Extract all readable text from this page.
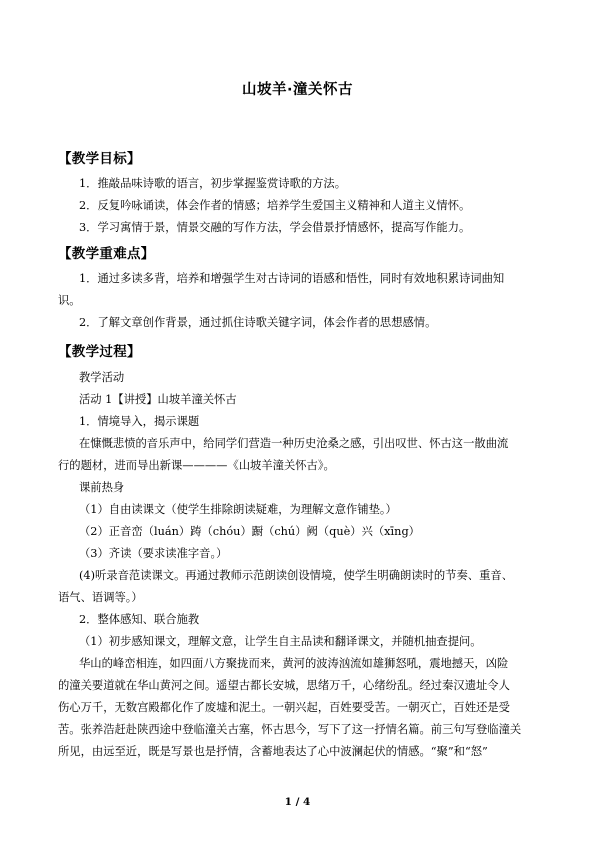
山坡羊·潼关怀古
【教学目标】
1．推敲品味诗歌的语言，初步掌握鉴赏诗歌的方法。
2．反复吟咏诵读，体会作者的情感；培养学生爱国主义精神和人道主义情怀。
3．学习寓情于景，情景交融的写作方法，学会借景抒情感怀，提高写作能力。
【教学重难点】
1．通过多读多背，培养和增强学生对古诗词的语感和悟性，同时有效地积累诗词曲知
识。
2．了解文章创作背景，通过抓住诗歌关键字词，体会作者的思想感情。
【教学过程】
教学活动
活动 1【讲授】山坡羊潼关怀古
1．情境导入，揭示课题
在慷慨悲愤的音乐声中，给同学们营造一种历史沧桑之感，引出叹世、怀古这一散曲流
行的题材，进而导出新课————《山坡羊潼关怀古》。
课前热身
（1）自由读课文（使学生排除朗读疑难，为理解文意作铺垫。）
（2）正音峦（luán）踌（chóu）蹰（chú）阙（què）兴（xīng）
（3）齐读（要求读准字音。）
(4)听录音范读课文。再通过教师示范朗读创设情境，使学生明确朗读时的节奏、重音、
语气、语调等。）
2．整体感知、联合施教
（1）初步感知课文，理解文意，让学生自主品读和翻译课文，并随机抽查提问。
华山的峰峦相连，如四面八方聚拢而来，黄河的波涛汹流如雄狮怒吼，震地撼天，凶险
的潼关要道就在华山黄河之间。遥望古都长安城，思绪万千，心绪纷乱。经过秦汉遗址令人
伤心万千，无数宫殿都化作了废墟和泥土。一朝兴起，百姓要受苦。一朝灭亡，百姓还是受
苦。张养浩赶赴陕西途中登临潼关古塞，怀古思今，写下了这一抒情名篇。前三句写登临潼关
所见，由远至近，既是写景也是抒情，含蓄地表达了心中波澜起伏的情感。“聚”和“怒”
1 / 4
